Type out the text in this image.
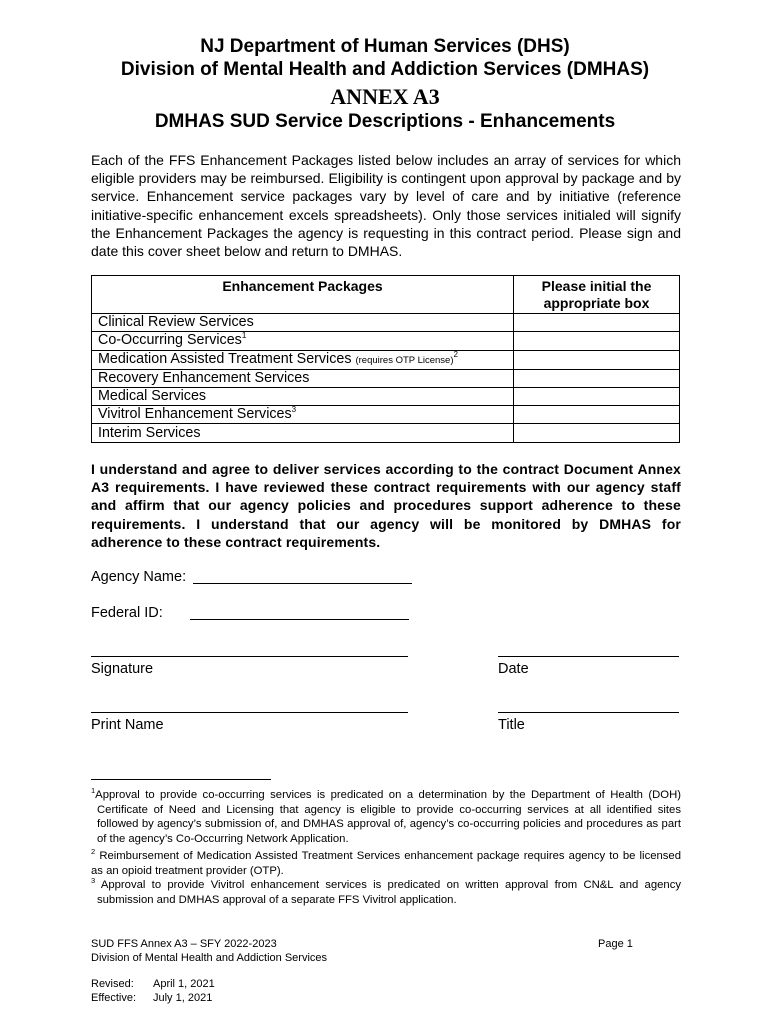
NJ Department of Human Services (DHS)
Division of Mental Health and Addiction Services (DMHAS)
ANNEX A3
DMHAS SUD Service Descriptions - Enhancements
Each of the FFS Enhancement Packages listed below includes an array of services for which eligible providers may be reimbursed. Eligibility is contingent upon approval by package and by service. Enhancement service packages vary by level of care and by initiative (reference initiative-specific enhancement excels spreadsheets). Only those services initialed will signify the Enhancement Packages the agency is requesting in this contract period. Please sign and date this cover sheet below and return to DMHAS.
Enhancement Packages	Please initial the appropriate box
Clinical Review Services	
Co-Occurring Services$^1$	
Medication Assisted Treatment Services (requires OTP License)$^2$	
Recovery Enhancement Services	
Medical Services	
Vivitrol Enhancement Services$^3$	
Interim Services	
I understand and agree to deliver services according to the contract Document Annex A3 requirements. I have reviewed these contract requirements with our agency staff and affirm that our agency policies and procedures support adherence to these requirements. I understand that our agency will be monitored by DMHAS for adherence to these contract requirements.
Agency Name:
Federal ID:
Signature	Date
Print Name	Title
$^1$Approval to provide co-occurring services is predicated on a determination by the Department of Health (DOH) Certificate of Need and Licensing that agency is eligible to provide co-occurring services at all identified sites followed by agency’s submission of, and DMHAS approval of, agency’s co-occurring policies and procedures as part of the agency’s Co-Occurring Network Application.
$^2$ Reimbursement of Medication Assisted Treatment Services enhancement package requires agency to be licensed as an opioid treatment provider (OTP).
$^3$ Approval to provide Vivitrol enhancement services is predicated on written approval from CN&L and agency submission and DMHAS approval of a separate FFS Vivitrol application.
SUD FFS Annex A3 – SFY 2022-2023
Division of Mental Health and Addiction Services
Page 1
Revised: April 1, 2021
Effective: July 1, 2021
